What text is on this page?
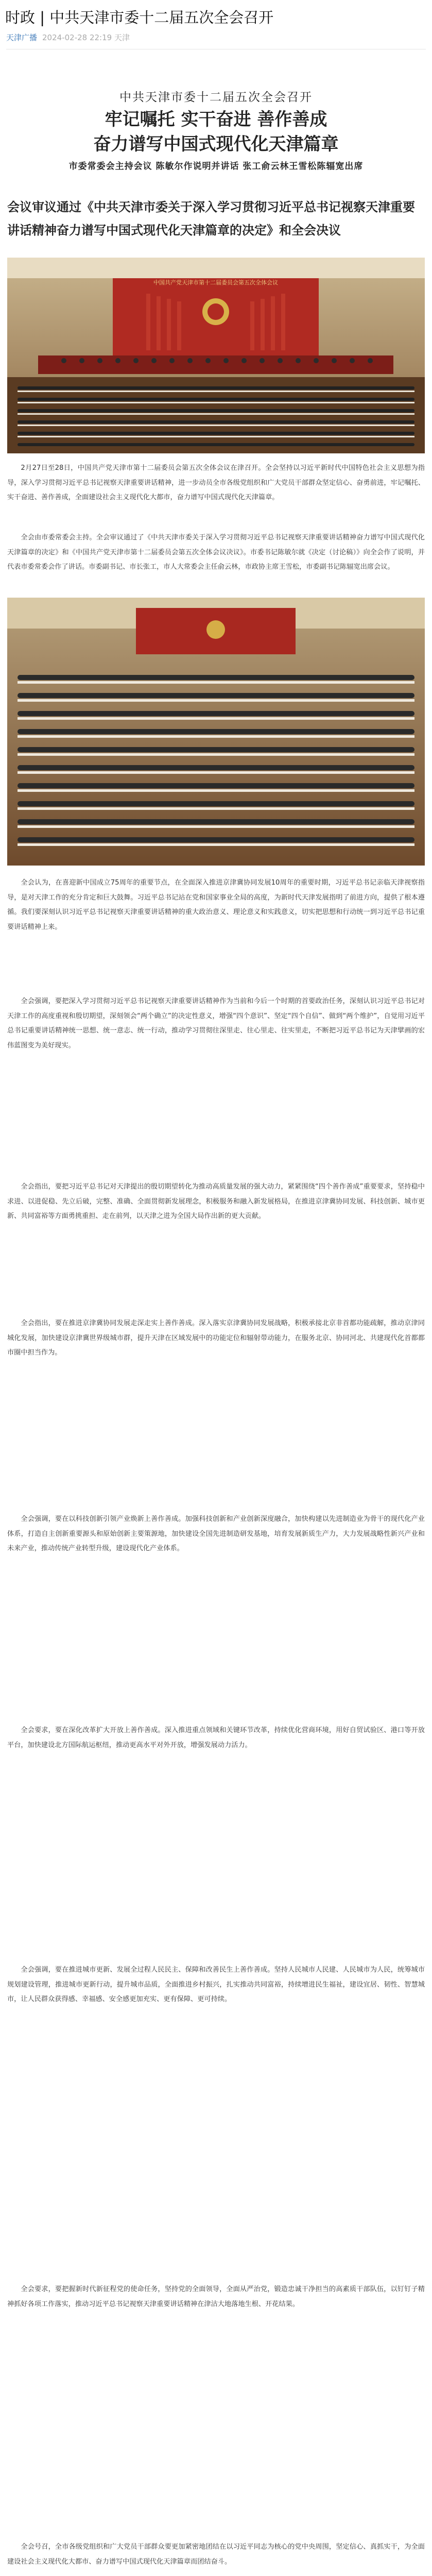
时政 | 中共天津市委十二届五次全会召开
天津广播 2024-02-28 22:19 天津
中共天津市委十二届五次全会召开
牢记嘱托 实干奋进 善作善成
奋力谱写中国式现代化天津篇章
市委常委会主持会议 陈敏尔作说明并讲话 张工俞云林王雪松陈辐宽出席
会议审议通过《中共天津市委关于深入学习贯彻习近平总书记视察天津重要讲话精神奋力谱写中国式现代化天津篇章的决定》和全会决议
中国共产党天津市第十二届委员会第五次全体会议
2月27日至28日，中国共产党天津市第十二届委员会第五次全体会议在津召开。全会坚持以习近平新时代中国特色社会主义思想为指导，深入学习贯彻习近平总书记视察天津重要讲话精神，进一步动员全市各级党组织和广大党员干部群众坚定信心、奋勇前进，牢记嘱托、实干奋进、善作善成，全面建设社会主义现代化大都市，奋力谱写中国式现代化天津篇章。
全会由市委常委会主持。全会审议通过了《中共天津市委关于深入学习贯彻习近平总书记视察天津重要讲话精神奋力谱写中国式现代化天津篇章的决定》和《中国共产党天津市第十二届委员会第五次全体会议决议》。市委书记陈敏尔就《决定（讨论稿）》向全会作了说明，并代表市委常委会作了讲话。市委副书记、市长张工，市人大常委会主任俞云林，市政协主席王雪松，市委副书记陈辐宽出席会议。
全会认为，在喜迎新中国成立75周年的重要节点，在全面深入推进京津冀协同发展10周年的重要时期，习近平总书记亲临天津视察指导，是对天津工作的充分肯定和巨大鼓舞。习近平总书记站在党和国家事业全局的高度，为新时代天津发展指明了前进方向，提供了根本遵循。我们要深刻认识习近平总书记视察天津重要讲话精神的重大政治意义、理论意义和实践意义，切实把思想和行动统一到习近平总书记重要讲话精神上来。
全会强调，要把深入学习贯彻习近平总书记视察天津重要讲话精神作为当前和今后一个时期的首要政治任务，深刻认识习近平总书记对天津工作的高度重视和殷切期望，深刻领会“两个确立”的决定性意义，增强“四个意识”、坚定“四个自信”、做到“两个维护”，自觉用习近平总书记重要讲话精神统一思想、统一意志、统一行动，推动学习贯彻往深里走、往心里走、往实里走，不断把习近平总书记为天津擘画的宏伟蓝图变为美好现实。
全会指出，要把习近平总书记对天津提出的殷切期望转化为推动高质量发展的强大动力，紧紧围绕“四个善作善成”重要要求，坚持稳中求进、以进促稳、先立后破，完整、准确、全面贯彻新发展理念，积极服务和融入新发展格局，在推进京津冀协同发展、科技创新、城市更新、共同富裕等方面勇挑重担、走在前列，以天津之进为全国大局作出新的更大贡献。
全会指出，要在推进京津冀协同发展走深走实上善作善成。深入落实京津冀协同发展战略，积极承接北京非首都功能疏解，推动京津同城化发展，加快建设京津冀世界级城市群，提升天津在区域发展中的功能定位和辐射带动能力，在服务北京、协同河北、共建现代化首都都市圈中担当作为。
全会强调，要在以科技创新引领产业焕新上善作善成。加强科技创新和产业创新深度融合，加快构建以先进制造业为骨干的现代化产业体系，打造自主创新重要源头和原始创新主要策源地，加快建设全国先进制造研发基地，培育发展新质生产力，大力发展战略性新兴产业和未来产业，推动传统产业转型升级，建设现代化产业体系。
全会要求，要在深化改革扩大开放上善作善成。深入推进重点领域和关键环节改革，持续优化营商环境，用好自贸试验区、港口等开放平台，加快建设北方国际航运枢纽，推动更高水平对外开放，增强发展动力活力。
全会强调，要在推进城市更新、发展全过程人民民主、保障和改善民生上善作善成。坚持人民城市人民建、人民城市为人民，统筹城市规划建设管理，推进城市更新行动，提升城市品质，全面推进乡村振兴，扎实推动共同富裕，持续增进民生福祉，建设宜居、韧性、智慧城市，让人民群众获得感、幸福感、安全感更加充实、更有保障、更可持续。
全会要求，要把握新时代新征程党的使命任务，坚持党的全面领导，全面从严治党，锻造忠诚干净担当的高素质干部队伍，以钉钉子精神抓好各项工作落实，推动习近平总书记视察天津重要讲话精神在津沽大地落地生根、开花结果。
全会号召，全市各级党组织和广大党员干部群众要更加紧密地团结在以习近平同志为核心的党中央周围，坚定信心、真抓实干，为全面建设社会主义现代化大都市、奋力谱写中国式现代化天津篇章而团结奋斗。
